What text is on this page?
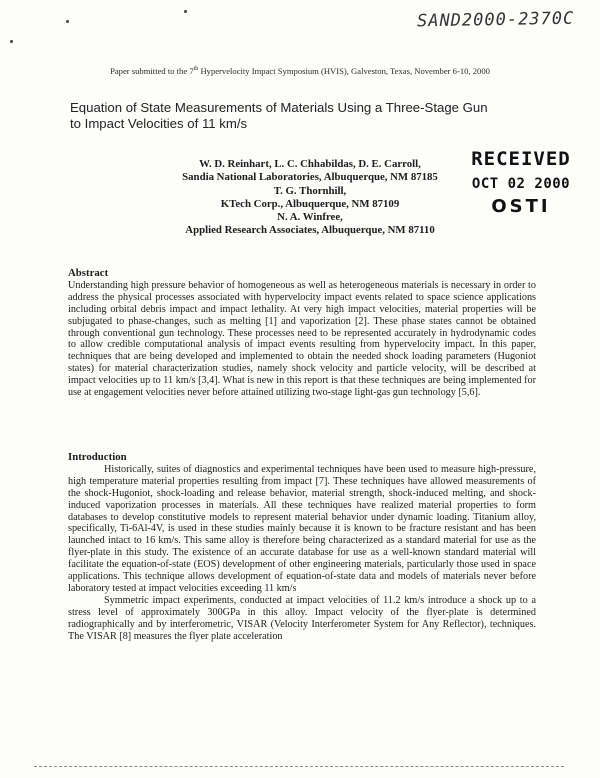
SAND2000-2370C
Paper submitted to the 7th Hypervelocity Impact Symposium (HVIS), Galveston, Texas, November 6-10, 2000
Equation of State Measurements of Materials Using a Three-Stage Gun to Impact Velocities of 11 km/s
W. D. Reinhart, L. C. Chhabildas, D. E. Carroll,
Sandia National Laboratories, Albuquerque, NM 87185
T. G. Thornhill,
KTech Corp., Albuquerque, NM 87109
N. A. Winfree,
Applied Research Associates, Albuquerque, NM 87110
RECEIVED
OCT 02 2000
OSTI
Abstract

Understanding high pressure behavior of homogeneous as well as heterogeneous materials is necessary in order to address the physical processes associated with hypervelocity impact events related to space science applications including orbital debris impact and impact lethality. At very high impact velocities, material properties will be subjugated to phase-changes, such as melting [1] and vaporization [2]. These phase states cannot be obtained through conventional gun technology. These processes need to be represented accurately in hydrodynamic codes to allow credible computational analysis of impact events resulting from hypervelocity impact. In this paper, techniques that are being developed and implemented to obtain the needed shock loading parameters (Hugoniot states) for material characterization studies, namely shock velocity and particle velocity, will be described at impact velocities up to 11 km/s [3,4]. What is new in this report is that these techniques are being implemented for use at engagement velocities never before attained utilizing two-stage light-gas gun technology [5,6].

Introduction

Historically, suites of diagnostics and experimental techniques have been used to measure high-pressure, high temperature material properties resulting from impact [7]. These techniques have allowed measurements of the shock-Hugoniot, shock-loading and release behavior, material strength, shock-induced melting, and shock-induced vaporization processes in materials. All these techniques have realized material properties to form databases to develop constitutive models to represent material behavior under dynamic loading. Titanium alloy, specifically, Ti-6Al-4V, is used in these studies mainly because it is known to be fracture resistant and has been launched intact to 16 km/s. This same alloy is therefore being characterized as a standard material for use as the flyer-plate in this study. The existence of an accurate database for use as a well-known standard material will facilitate the equation-of-state (EOS) development of other engineering materials, particularly those used in space applications. This technique allows development of equation-of-state data and models of materials never before laboratory tested at impact velocities exceeding 11 km/s

Symmetric impact experiments, conducted at impact velocities of 11.2 km/s introduce a shock up to a stress level of approximately 300GPa in this alloy. Impact velocity of the flyer-plate is determined radiographically and by interferometric, VISAR (Velocity Interferometer System for Any Reflector), techniques. The VISAR [8] measures the flyer plate acceleration
